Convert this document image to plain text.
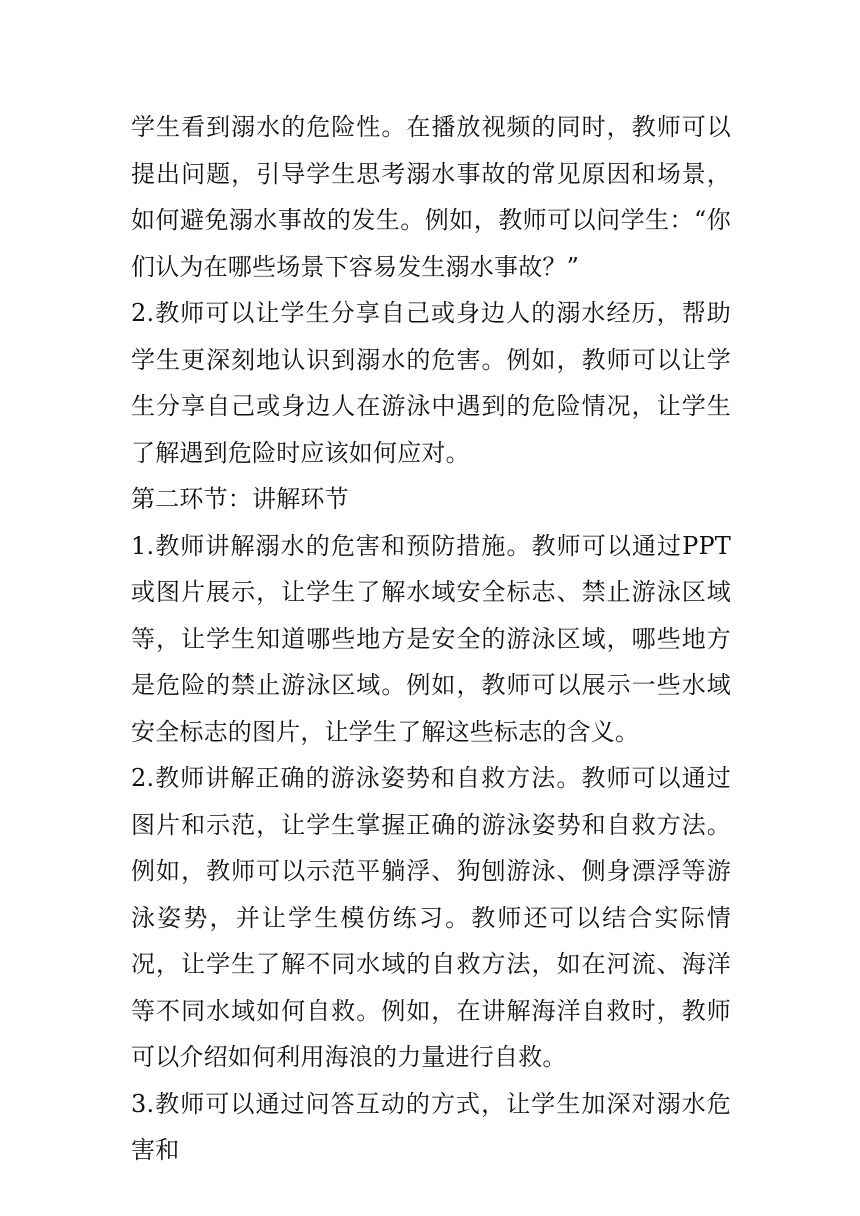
学生看到溺水的危险性。在播放视频的同时，教师可以提出问题，引导学生思考溺水事故的常见原因和场景，如何避免溺水事故的发生。例如，教师可以问学生：“你们认为在哪些场景下容易发生溺水事故？”

2.教师可以让学生分享自己或身边人的溺水经历，帮助学生更深刻地认识到溺水的危害。例如，教师可以让学生分享自己或身边人在游泳中遇到的危险情况，让学生了解遇到危险时应该如何应对。

第二环节：讲解环节

1.教师讲解溺水的危害和预防措施。教师可以通过PPT或图片展示，让学生了解水域安全标志、禁止游泳区域等，让学生知道哪些地方是安全的游泳区域，哪些地方是危险的禁止游泳区域。例如，教师可以展示一些水域安全标志的图片，让学生了解这些标志的含义。

2.教师讲解正确的游泳姿势和自救方法。教师可以通过图片和示范，让学生掌握正确的游泳姿势和自救方法。例如，教师可以示范平躺浮、狗刨游泳、侧身漂浮等游泳姿势，并让学生模仿练习。教师还可以结合实际情况，让学生了解不同水域的自救方法，如在河流、海洋等不同水域如何自救。例如，在讲解海洋自救时，教师可以介绍如何利用海浪的力量进行自救。

3.教师可以通过问答互动的方式，让学生加深对溺水危害和
